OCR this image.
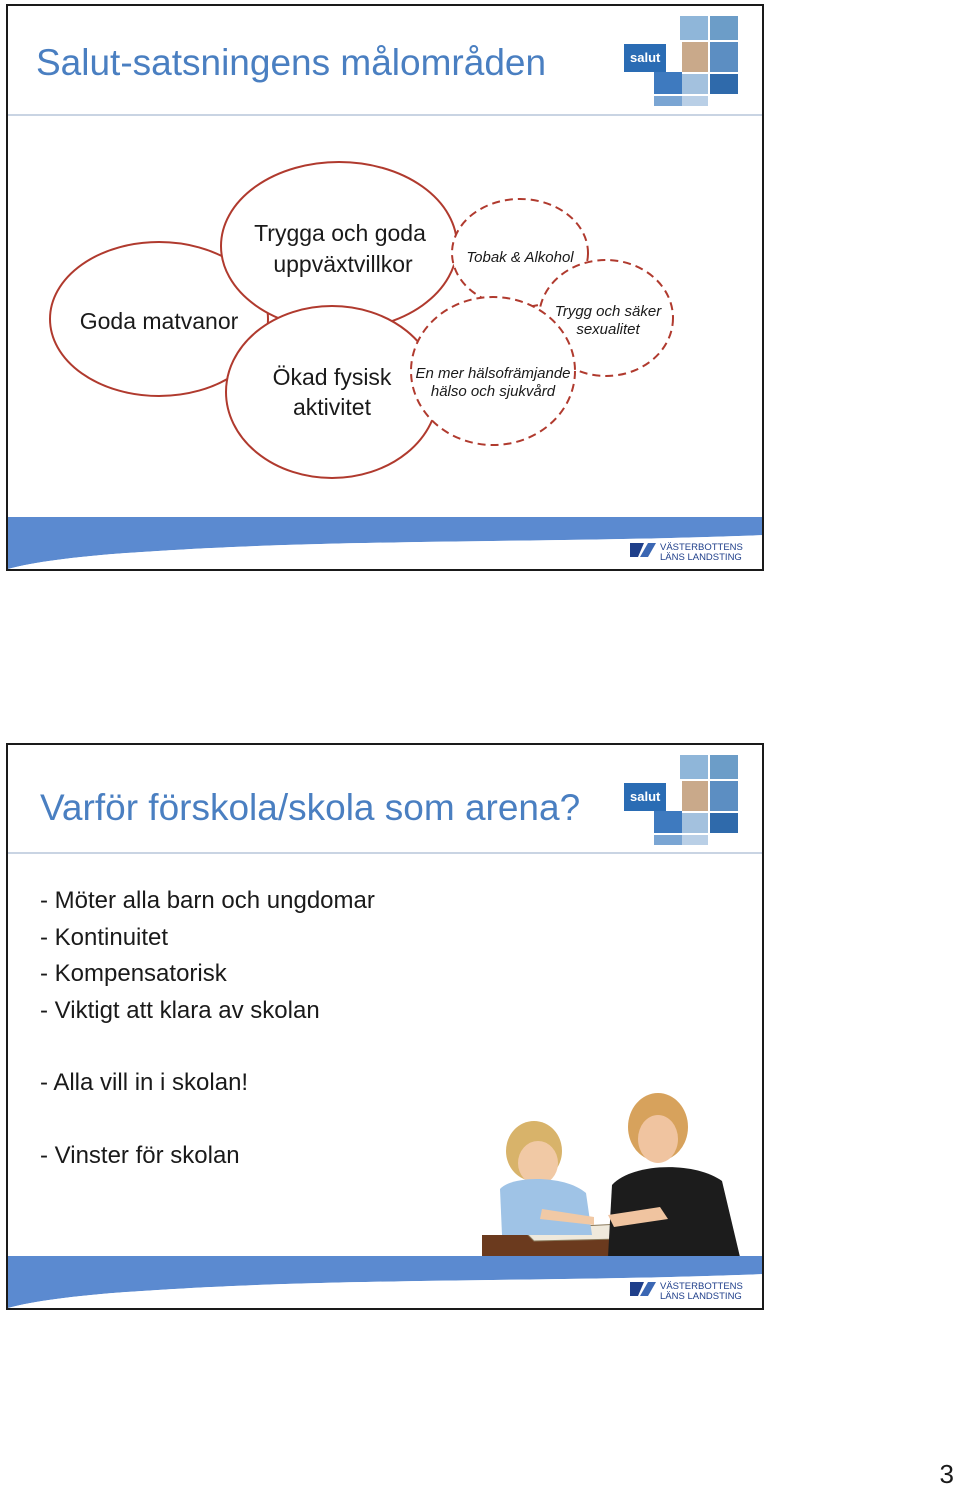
Salut-satsningens målområden	salut
Goda matvanor
Trygga och goda
uppväxtvillkor
Ökad fysisk
aktivitet
Tobak & Alkohol
Trygg och säker
sexualitet
En mer hälsofrämjande
hälso och sjukvård
VÄSTERBOTTENS
LÄNS LANDSTING
Varför förskola/skola som arena?	salut
- Möter alla barn och ungdomar
- Kontinuitet
- Kompensatorisk
- Viktigt att klara av skolan
- Alla vill in i skolan!
- Vinster för skolan
VÄSTERBOTTENS
LÄNS LANDSTING
3
